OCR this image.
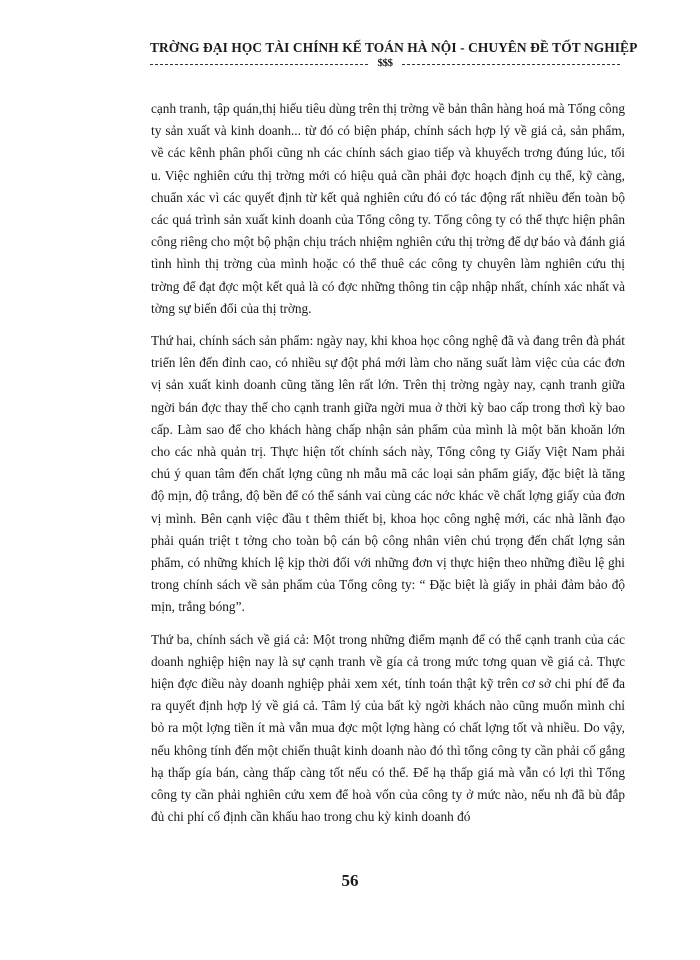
TRỜNG ĐẠI HỌC TÀI CHÍNH KẾ TOÁN HÀ NỘI - CHUYÊN ĐỀ TỐT NGHIỆP
$$$

cạnh tranh, tập quán,thị hiếu tiêu dùng trên thị trờng về bản thân hàng hoá mà Tổng công ty sản xuất và kinh doanh... từ đó có biện pháp, chính sách hợp lý về giá cả, sản phẩm, về các kênh phân phối cũng nh các chính sách giao tiếp và khuyếch trơng đúng lúc, tối u. Việc nghiên cứu thị trờng mới có hiệu quả cần phải đợc hoạch định cụ thể, kỹ càng, chuẩn xác vì các quyết định từ kết quả nghiên cứu đó có tác động rất nhiều đến toàn bộ các quá trình sản xuất kinh doanh của Tổng công ty. Tổng công ty có thể thực hiện phân công riêng cho một bộ phận chịu trách nhiệm nghiên cứu thị trờng để dự báo và đánh giá tình hình thị trờng của mình hoặc có thể thuê các công ty chuyên làm nghiên cứu thị trờng để đạt đợc một kết quả là có đợc những thông tin cập nhập nhất, chính xác nhất và tờng sự biến đổi của thị trờng.

Thứ hai, chính sách sản phẩm: ngày nay, khi khoa học công nghệ đã và đang trên đà phát triển lên đến đỉnh cao, có nhiều sự đột phá mới làm cho năng suất làm việc của các đơn vị sản xuất kinh doanh cũng tăng lên rất lớn. Trên thị trờng ngày nay, cạnh tranh giữa ngời bán đợc thay thế cho cạnh tranh giữa ngời mua ở thời kỳ bao cấp trong thơì kỳ bao cấp. Làm sao để cho khách hàng chấp nhận sản phẩm của mình là một băn khoăn lớn cho các nhà quản trị. Thực hiện tốt chính sách này, Tổng công ty Giấy Việt Nam phải chú ý quan tâm đến chất lợng cũng nh mẫu mã các loại sản phẩm giấy, đặc biệt là tăng độ mịn, độ trắng, độ bền để có thể sánh vai cùng các nớc khác về chất lợng giấy của đơn vị mình. Bên cạnh việc đầu t thêm thiết bị, khoa học công nghệ mới, các nhà lãnh đạo phải quán triệt t tởng cho toàn bộ cán bộ công nhân viên chú trọng đến chất lợng sản phẩm, có những khích lệ kịp thời đối với những đơn vị thực hiện theo những điều lệ ghi trong chính sách về sản phẩm của Tổng công ty: “ Đặc biệt là giấy in phải đảm bảo độ mịn, trắng bóng”.

Thứ ba, chính sách về giá cả: Một trong những điểm mạnh để có thể cạnh tranh của các doanh nghiệp hiện nay là sự cạnh tranh về gía cả trong mức tơng quan về giá cả. Thực hiện đợc điều này doanh nghiệp phải xem xét, tính toán thật kỹ trên cơ sở chi phí để đa ra quyết định hợp lý về giá cả. Tâm lý của bất kỳ ngời khách nào cũng muốn mình chỉ bỏ ra một lợng tiền ít mà vẫn mua đợc một lợng hàng có chất lợng tốt và nhiều. Do vậy, nếu không tính đến một chiến thuật kinh doanh nào đó thì tổng công ty cần phải cố gắng hạ thấp gía bán, càng thấp càng tốt nếu có thể. Để hạ thấp giá mà vẫn có lợi thì Tổng công ty cần phải nghiên cứu xem để hoà vốn của công ty ở mức nào, nếu nh đã bù đắp đủ chi phí cố định cần khấu hao trong chu kỳ kinh doanh đó

56
